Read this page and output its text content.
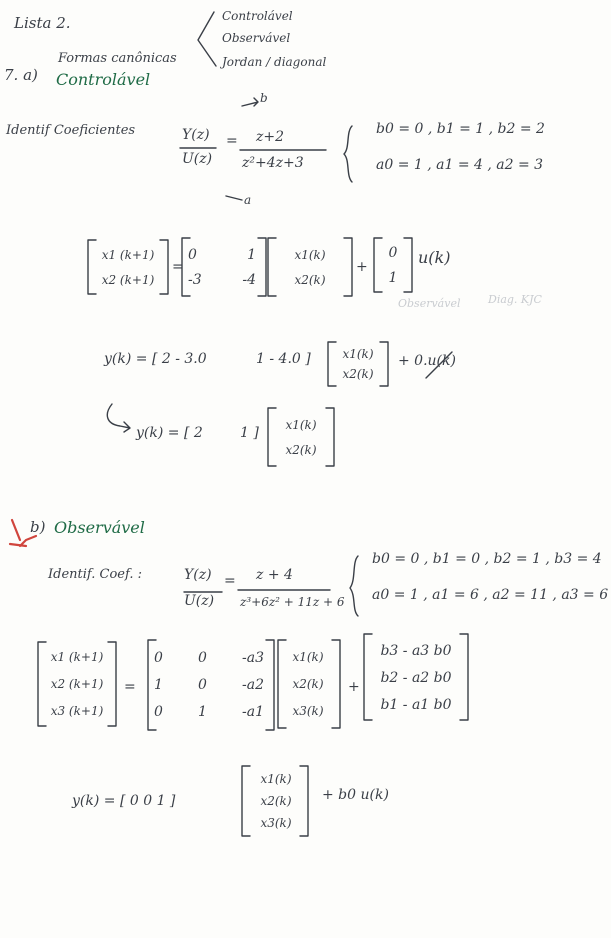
Lista 2.
Formas canônicas
Controlável
Observável
Jordan / diagonal
7. a) Controlável
Identif Coeficientes	Y(z)
U(z)
= z+2
z²+4z+3
b
a
b0 = 0 , b1 = 1 , b2 = 2
a0 = 1 , a1 = 4 , a2 = 3
x1 (k+1)
x2 (k+1)
=
0	1
-3	-4
x1(k)
x2(k)
+
0
1
u(k)
Observável	Diag. KJC
y(k) = [ 2 - 3.0	1 - 4.0 ]	x1(k)
x2(k)
+ 0.u(k)
y(k) = [ 2	1 ]
x1(k)
x2(k)
b) Observável
Identif. Coef. :	Y(z)
U(z)
= z + 4
z³+6z² + 11z + 6
b0 = 0 , b1 = 0 , b2 = 1 , b3 = 4
a0 = 1 , a1 = 6 , a2 = 11 , a3 = 6
x1 (k+1)
x2 (k+1)
x3 (k+1)
=
0	0	-a3
1	0	-a2
0	1	-a1
x1(k)
x2(k)
x3(k)
+
b3 - a3 b0
b2 - a2 b0
b1 - a1 b0
y(k) = [ 0 0 1 ]
x1(k)
x2(k)
x3(k)
+ b0 u(k)
